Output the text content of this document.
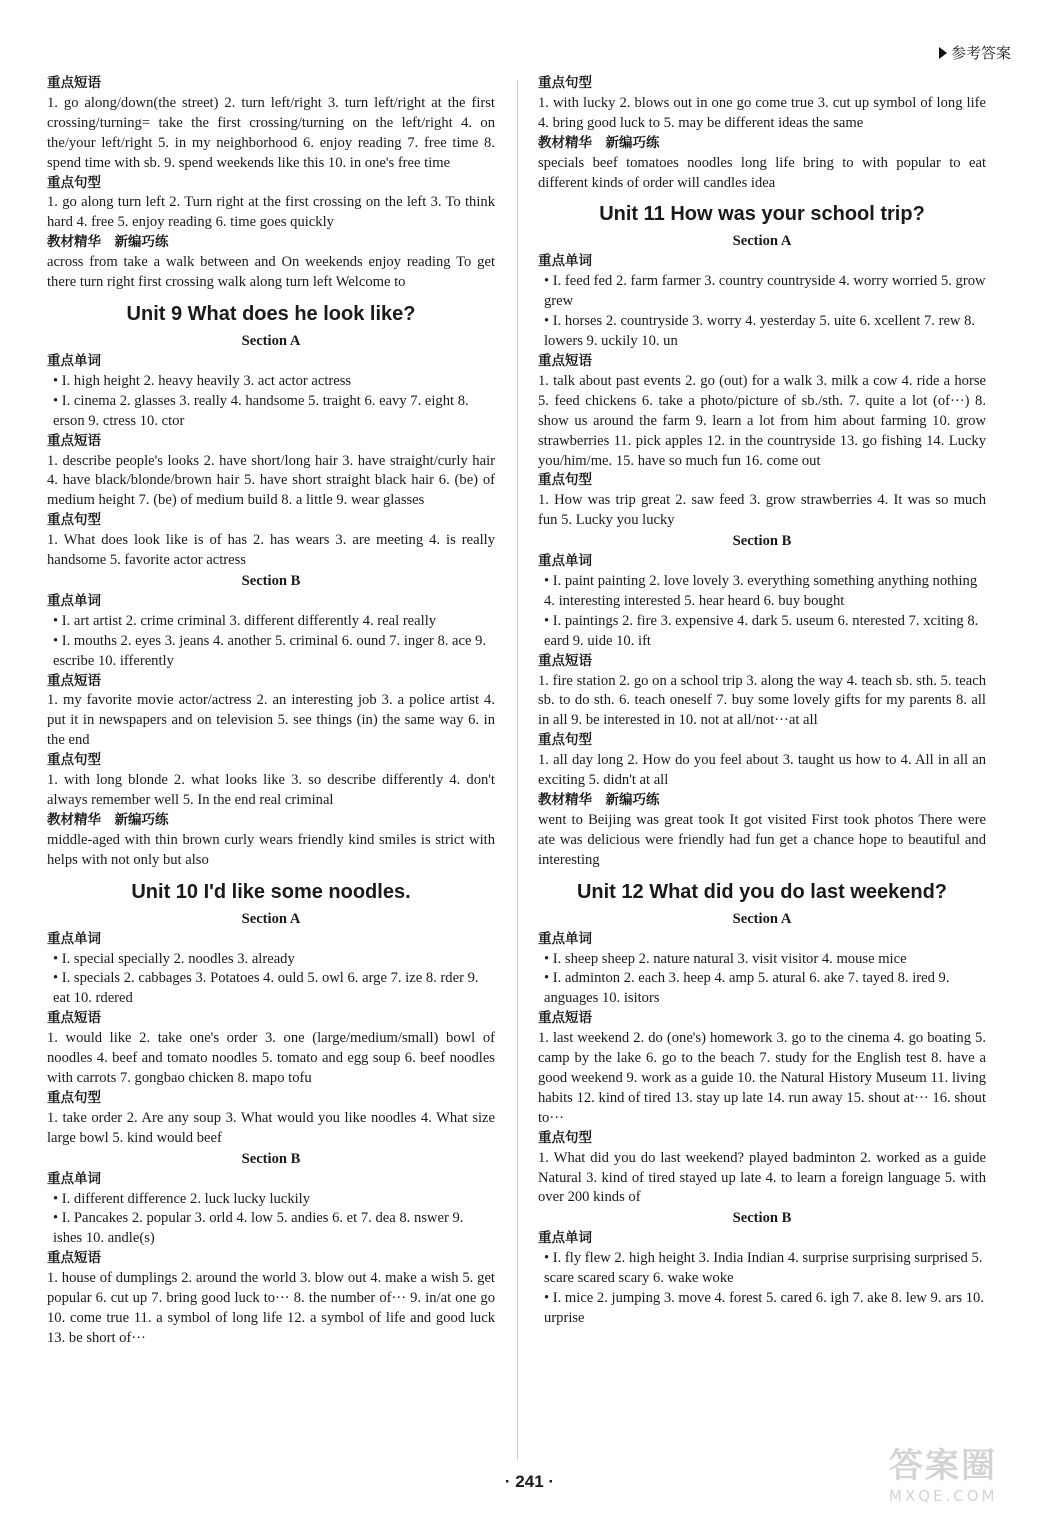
参考答案
重点短语
1. go along/down(the street) 2. turn left/right 3. turn left/right at the first crossing/turning= take the first crossing/turning on the left/right 4. on the/your left/right 5. in my neighborhood 6. enjoy reading 7. free time 8. spend time with sb. 9. spend weekends like this 10. in one's free time
重点句型
1. go along turn left 2. Turn right at the first crossing on the left 3. To think hard 4. free 5. enjoy reading 6. time goes quickly
教材精华　新编巧练
across from take a walk between and On weekends enjoy reading To get there turn right first crossing walk along turn left Welcome to
Unit 9 What does he look like?
Section A
重点单词
• I. high height 2. heavy heavily 3. act actor actress
• I. cinema 2. glasses 3. really 4. handsome 5. traight 6. eavy 7. eight 8. erson 9. ctress 10. ctor
重点短语
1. describe people's looks 2. have short/long hair 3. have straight/curly hair 4. have black/blonde/brown hair 5. have short straight black hair 6. (be) of medium height 7. (be) of medium build 8. a little 9. wear glasses
重点句型
1. What does look like is of has 2. has wears 3. are meeting 4. is really handsome 5. favorite actor actress
Section B
重点单词
• I. art artist 2. crime criminal 3. different differently 4. real really
• I. mouths 2. eyes 3. jeans 4. another 5. criminal 6. ound 7. inger 8. ace 9. escribe 10. ifferently
重点短语
1. my favorite movie actor/actress 2. an interesting job 3. a police artist 4. put it in newspapers and on television 5. see things (in) the same way 6. in the end
重点句型
1. with long blonde 2. what looks like 3. so describe differently 4. don't always remember well 5. In the end real criminal
教材精华　新编巧练
middle-aged with thin brown curly wears friendly kind smiles is strict with helps with not only but also
Unit 10 I'd like some noodles.
Section A
重点单词
• I. special specially 2. noodles 3. already
• I. specials 2. cabbages 3. Potatoes 4. ould 5. owl 6. arge 7. ize 8. rder 9. eat 10. rdered
重点短语
1. would like 2. take one's order 3. one (large/medium/small) bowl of noodles 4. beef and tomato noodles 5. tomato and egg soup 6. beef noodles with carrots 7. gongbao chicken 8. mapo tofu
重点句型
1. take order 2. Are any soup 3. What would you like noodles 4. What size large bowl 5. kind would beef
Section B
重点单词
• I. different difference 2. luck lucky luckily
• I. Pancakes 2. popular 3. orld 4. low 5. andies 6. et 7. dea 8. nswer 9. ishes 10. andle(s)
重点短语
1. house of dumplings 2. around the world 3. blow out 4. make a wish 5. get popular 6. cut up 7. bring good luck to··· 8. the number of··· 9. in/at one go 10. come true 11. a symbol of long life 12. a symbol of life and good luck 13. be short of···
重点句型
1. with lucky 2. blows out in one go come true 3. cut up symbol of long life 4. bring good luck to 5. may be different ideas the same
教材精华　新编巧练
specials beef tomatoes noodles long life bring to with popular to eat different kinds of order will candles idea
Unit 11 How was your school trip?
Section A
重点单词
• I. feed fed 2. farm farmer 3. country countryside 4. worry worried 5. grow grew
• I. horses 2. countryside 3. worry 4. yesterday 5. uite 6. xcellent 7. rew 8. lowers 9. uckily 10. un
重点短语
1. talk about past events 2. go (out) for a walk 3. milk a cow 4. ride a horse 5. feed chickens 6. take a photo/picture of sb./sth. 7. quite a lot (of···) 8. show us around the farm 9. learn a lot from him about farming 10. grow strawberries 11. pick apples 12. in the countryside 13. go fishing 14. Lucky you/him/me. 15. have so much fun 16. come out
重点句型
1. How was trip great 2. saw feed 3. grow strawberries 4. It was so much fun 5. Lucky you lucky
Section B
重点单词
• I. paint painting 2. love lovely 3. everything something anything nothing 4. interesting interested 5. hear heard 6. buy bought
• I. paintings 2. fire 3. expensive 4. dark 5. useum 6. nterested 7. xciting 8. eard 9. uide 10. ift
重点短语
1. fire station 2. go on a school trip 3. along the way 4. teach sb. sth. 5. teach sb. to do sth. 6. teach oneself 7. buy some lovely gifts for my parents 8. all in all 9. be interested in 10. not at all/not···at all
重点句型
1. all day long 2. How do you feel about 3. taught us how to 4. All in all an exciting 5. didn't at all
教材精华　新编巧练
went to Beijing was great took It got visited First took photos There were ate was delicious were friendly had fun get a chance hope to beautiful and interesting
Unit 12 What did you do last weekend?
Section A
重点单词
• I. sheep sheep 2. nature natural 3. visit visitor 4. mouse mice
• I. adminton 2. each 3. heep 4. amp 5. atural 6. ake 7. tayed 8. ired 9. anguages 10. isitors
重点短语
1. last weekend 2. do (one's) homework 3. go to the cinema 4. go boating 5. camp by the lake 6. go to the beach 7. study for the English test 8. have a good weekend 9. work as a guide 10. the Natural History Museum 11. living habits 12. kind of tired 13. stay up late 14. run away 15. shout at··· 16. shout to···
重点句型
1. What did you do last weekend? played badminton 2. worked as a guide Natural 3. kind of tired stayed up late 4. to learn a foreign language 5. with over 200 kinds of
Section B
重点单词
• I. fly flew 2. high height 3. India Indian 4. surprise surprising surprised 5. scare scared scary 6. wake woke
• I. mice 2. jumping 3. move 4. forest 5. cared 6. igh 7. ake 8. lew 9. ars 10. urprise
· 241 ·	答案圈
MXQE.COM
